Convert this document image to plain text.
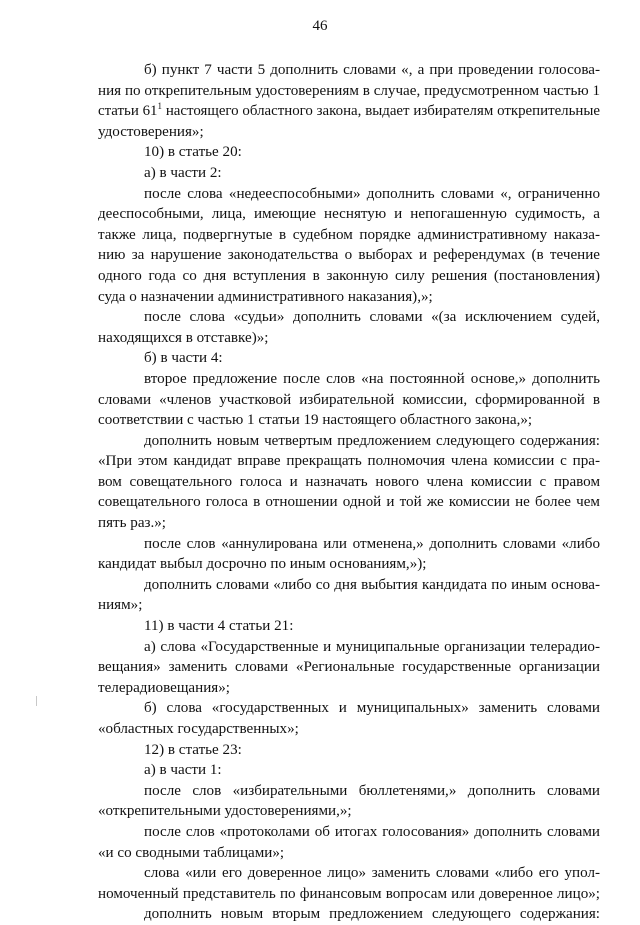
46
б) пункт 7 части 5 дополнить словами «, а при проведении голосова-
ния по открепительным удостоверениям в случае, предусмотренном частью 1
статьи $61^1$ настоящего областного закона, выдает избирателям открепительные
удостоверения»;
10) в статье 20:
а) в части 2:
после слова «недееспособными» дополнить словами «, ограниченно
дееспособными, лица, имеющие неснятую и непогашенную судимость, а
также лица, подвергнутые в судебном порядке административному наказа-
нию за нарушение законодательства о выборах и референдумах (в течение
одного года со дня вступления в законную силу решения (постановления)
суда о назначении административного наказания),»;
после слова «судьи» дополнить словами «(за исключением судей,
находящихся в отставке)»;
б) в части 4:
второе предложение после слов «на постоянной основе,» дополнить
словами «членов участковой избирательной комиссии, сформированной в
соответствии с частью 1 статьи 19 настоящего областного закона,»;
дополнить новым четвертым предложением следующего содержания:
«При этом кандидат вправе прекращать полномочия члена комиссии с пра-
вом совещательного голоса и назначать нового члена комиссии с правом
совещательного голоса в отношении одной и той же комиссии не более чем
пять раз.»;
после слов «аннулирована или отменена,» дополнить словами «либо
кандидат выбыл досрочно по иным основаниям,»);
дополнить словами «либо со дня выбытия кандидата по иным основа-
ниям»;
11) в части 4 статьи 21:
а) слова «Государственные и муниципальные организации телерадио-
вещания» заменить словами «Региональные государственные организации
телерадиовещания»;
б) слова «государственных и муниципальных» заменить словами
«областных государственных»;
12) в статье 23:
а) в части 1:
после слов «избирательными бюллетенями,» дополнить словами
«открепительными удостоверениями,»;
после слов «протоколами об итогах голосования» дополнить словами
«и со сводными таблицами»;
слова «или его доверенное лицо» заменить словами «либо его упол-
номоченный представитель по финансовым вопросам или доверенное лицо»;
дополнить новым вторым предложением следующего содержания:
